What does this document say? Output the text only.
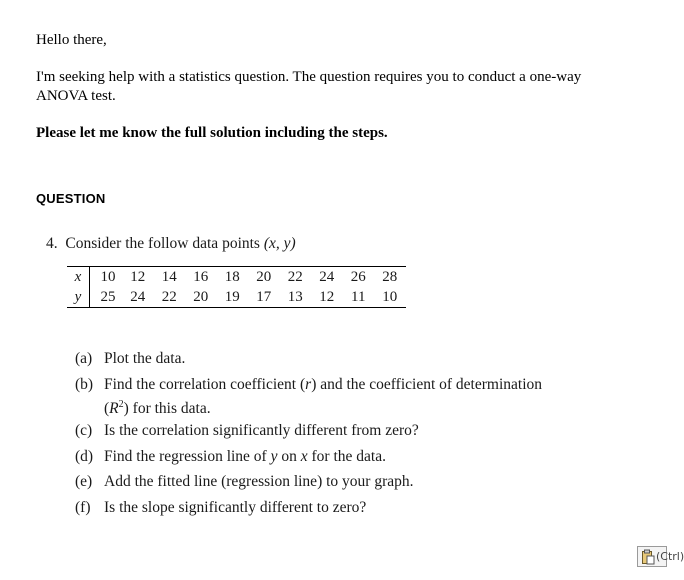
Hello there,
I'm seeking help with a statistics question. The question requires you to conduct a one-way
ANOVA test.
Please let me know the full solution including the steps.
QUESTION
4. Consider the follow data points (x, y)
x	10	12	14	16	18	20	22	24	26	28
y	25	24	22	20	19	17	13	12	11	10
(a) Plot the data.
(b) Find the correlation coefficient (r) and the coefficient of determination
$(R^2)$ for this data.
(c) Is the correlation significantly different from zero?
(d) Find the regression line of y on x for the data.
(e) Add the fitted line (regression line) to your graph.
(f) Is the slope significantly different to zero?
(Ctrl)
